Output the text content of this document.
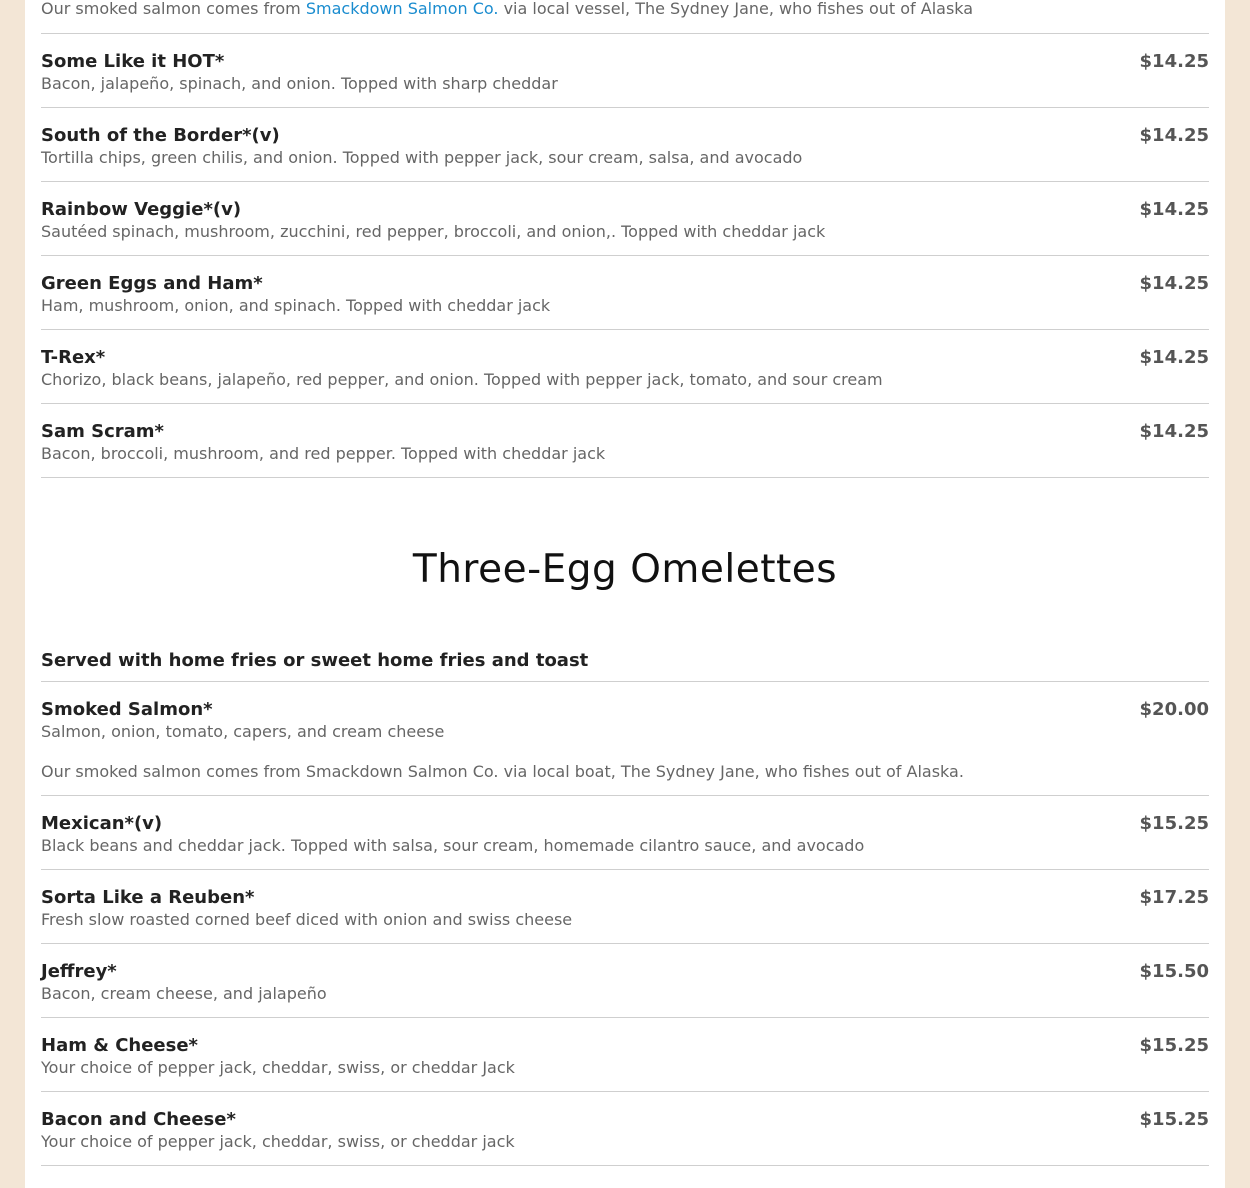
Our smoked salmon comes from Smackdown Salmon Co. via local vessel, The Sydney Jane, who fishes out of Alaska
Some Like it HOT*
Bacon, jalapeño, spinach, and onion. Topped with sharp cheddar
$14.25
South of the Border*(v)
Tortilla chips, green chilis, and onion. Topped with pepper jack, sour cream, salsa, and avocado
$14.25
Rainbow Veggie*(v)
Sautéed spinach, mushroom, zucchini, red pepper, broccoli, and onion,. Topped with cheddar jack
$14.25
Green Eggs and Ham*
Ham, mushroom, onion, and spinach. Topped with cheddar jack
$14.25
T-Rex*
Chorizo, black beans, jalapeño, red pepper, and onion. Topped with pepper jack, tomato, and sour cream
$14.25
Sam Scram*
Bacon, broccoli, mushroom, and red pepper. Topped with cheddar jack
$14.25
Three-Egg Omelettes
Served with home fries or sweet home fries and toast
Smoked Salmon*
Salmon, onion, tomato, capers, and cream cheese
Our smoked salmon comes from Smackdown Salmon Co. via local boat, The Sydney Jane, who fishes out of Alaska.
$20.00
Mexican*(v)
Black beans and cheddar jack. Topped with salsa, sour cream, homemade cilantro sauce, and avocado
$15.25
Sorta Like a Reuben*
Fresh slow roasted corned beef diced with onion and swiss cheese
$17.25
Jeffrey*
Bacon, cream cheese, and jalapeño
$15.50
Ham & Cheese*
Your choice of pepper jack, cheddar, swiss, or cheddar Jack
$15.25
Bacon and Cheese*
Your choice of pepper jack, cheddar, swiss, or cheddar jack
$15.25
